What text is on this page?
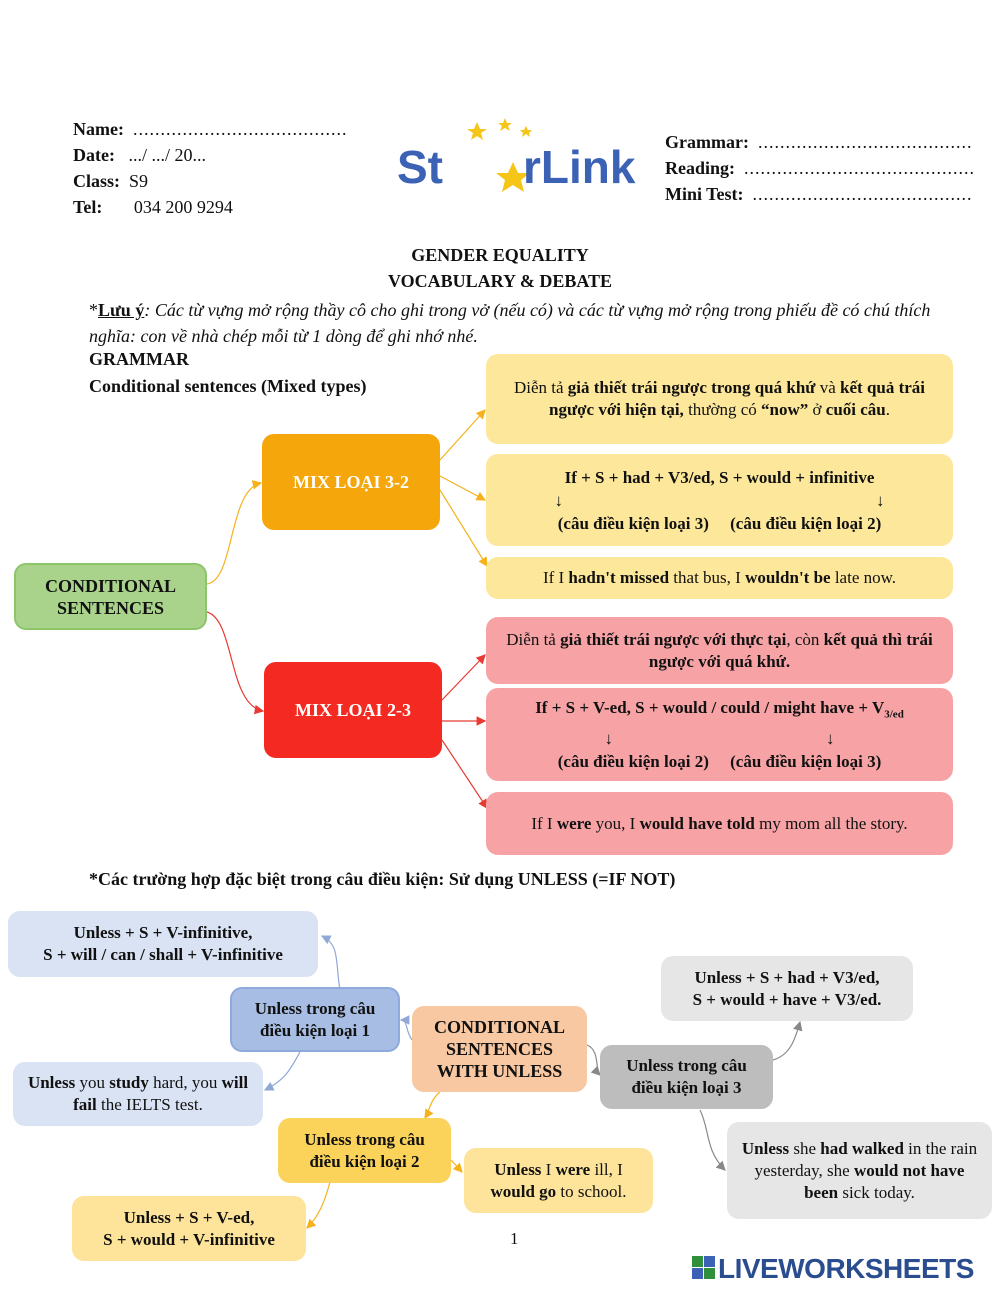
Name: .......................................
Date: .../ .../ 20...
Class: S9
Tel: 034 200 9294
St rLink Grammar: .......................................
Reading: ..........................................
Mini Test: ........................................
GENDER EQUALITY
VOCABULARY & DEBATE
*Lưu ý: Các từ vựng mở rộng thầy cô cho ghi trong vở (nếu có) và các từ vựng mở rộng trong phiếu đề có chú thích nghĩa: con về nhà chép mỗi từ 1 dòng để ghi nhớ nhé.
GRAMMAR
Conditional sentences (Mixed types)
CONDITIONAL SENTENCES
MIX LOẠI 3-2
MIX LOẠI 2-3
Diễn tả giả thiết trái ngược trong quá khứ và kết quả trái ngược với hiện tại, thường có “now” ở cuối câu.
If + S + had + V3/ed, S + would + infinitive
↓	↓
(câu điều kiện loại 3) (câu điều kiện loại 2)
If I hadn't missed that bus, I wouldn't be late now.
Diễn tả giả thiết trái ngược với thực tại, còn kết quả thì trái ngược với quá khứ.
If + S + V-ed, S + would / could / might have + $V_{3/ed}$
↓	↓
(câu điều kiện loại 2) (câu điều kiện loại 3)
If I were you, I would have told my mom all the story.
*Các trường hợp đặc biệt trong câu điều kiện: Sử dụng UNLESS (=IF NOT)
CONDITIONAL SENTENCES WITH UNLESS
Unless trong câu điều kiện loại 1
Unless + S + V-infinitive,
S + will / can / shall + V-infinitive
Unless you study hard, you will fail the IELTS test.
Unless trong câu điều kiện loại 3
Unless + S + had + V3/ed,
S + would + have + V3/ed.
Unless she had walked in the rain yesterday, she would not have been sick today.
Unless trong câu điều kiện loại 2	Unless I were ill, I would go to school.
Unless + S + V-ed,
S + would + V-infinitive	1
LIVEWORKSHEETS
